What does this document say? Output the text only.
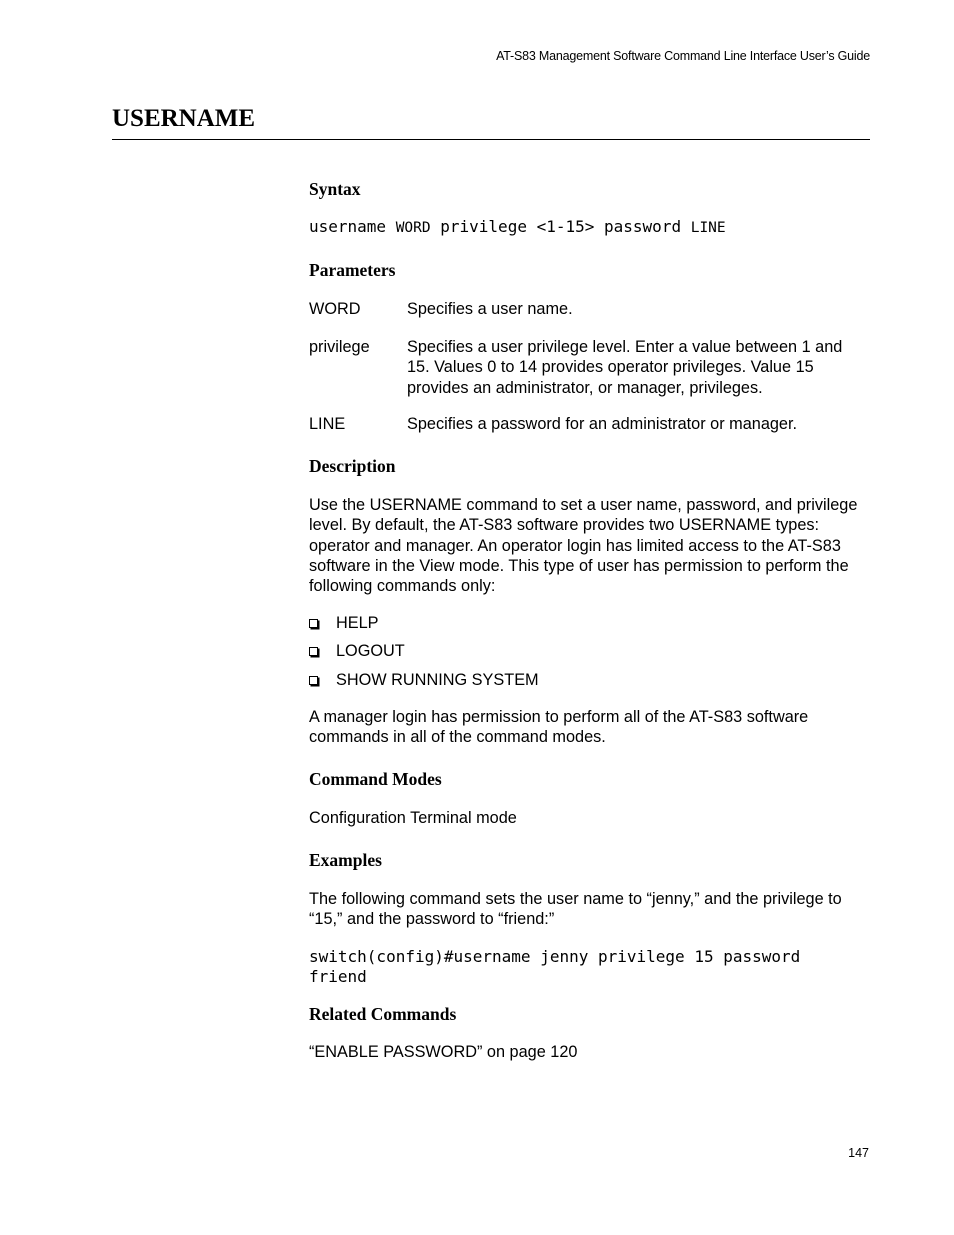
AT-S83 Management Software Command Line Interface User’s Guide
USERNAME
Syntax
username WORD privilege <1-15> password LINE
Parameters
WORD	Specifies a user name.
privilege Specifies a user privilege level. Enter a value between 1 and 15. Values 0 to 14 provides operator privileges. Value 15 provides an administrator, or manager, privileges.
LINE	Specifies a password for an administrator or manager.
Description

Use the USERNAME command to set a user name, password, and privilege level. By default, the AT-S83 software provides two USERNAME types: operator and manager. An operator login has limited access to the AT-S83 software in the View mode. This type of user has permission to perform the following commands only:

HELP
LOGOUT
SHOW RUNNING SYSTEM

A manager login has permission to perform all of the AT-S83 software commands in all of the command modes.

Command Modes

Configuration Terminal mode

Examples

The following command sets the user name to “jenny,” and the privilege to “15,” and the password to “friend:”

switch(config)#username jenny privilege 15 password
friend
Related Commands

“ENABLE PASSWORD” on page 120

147
